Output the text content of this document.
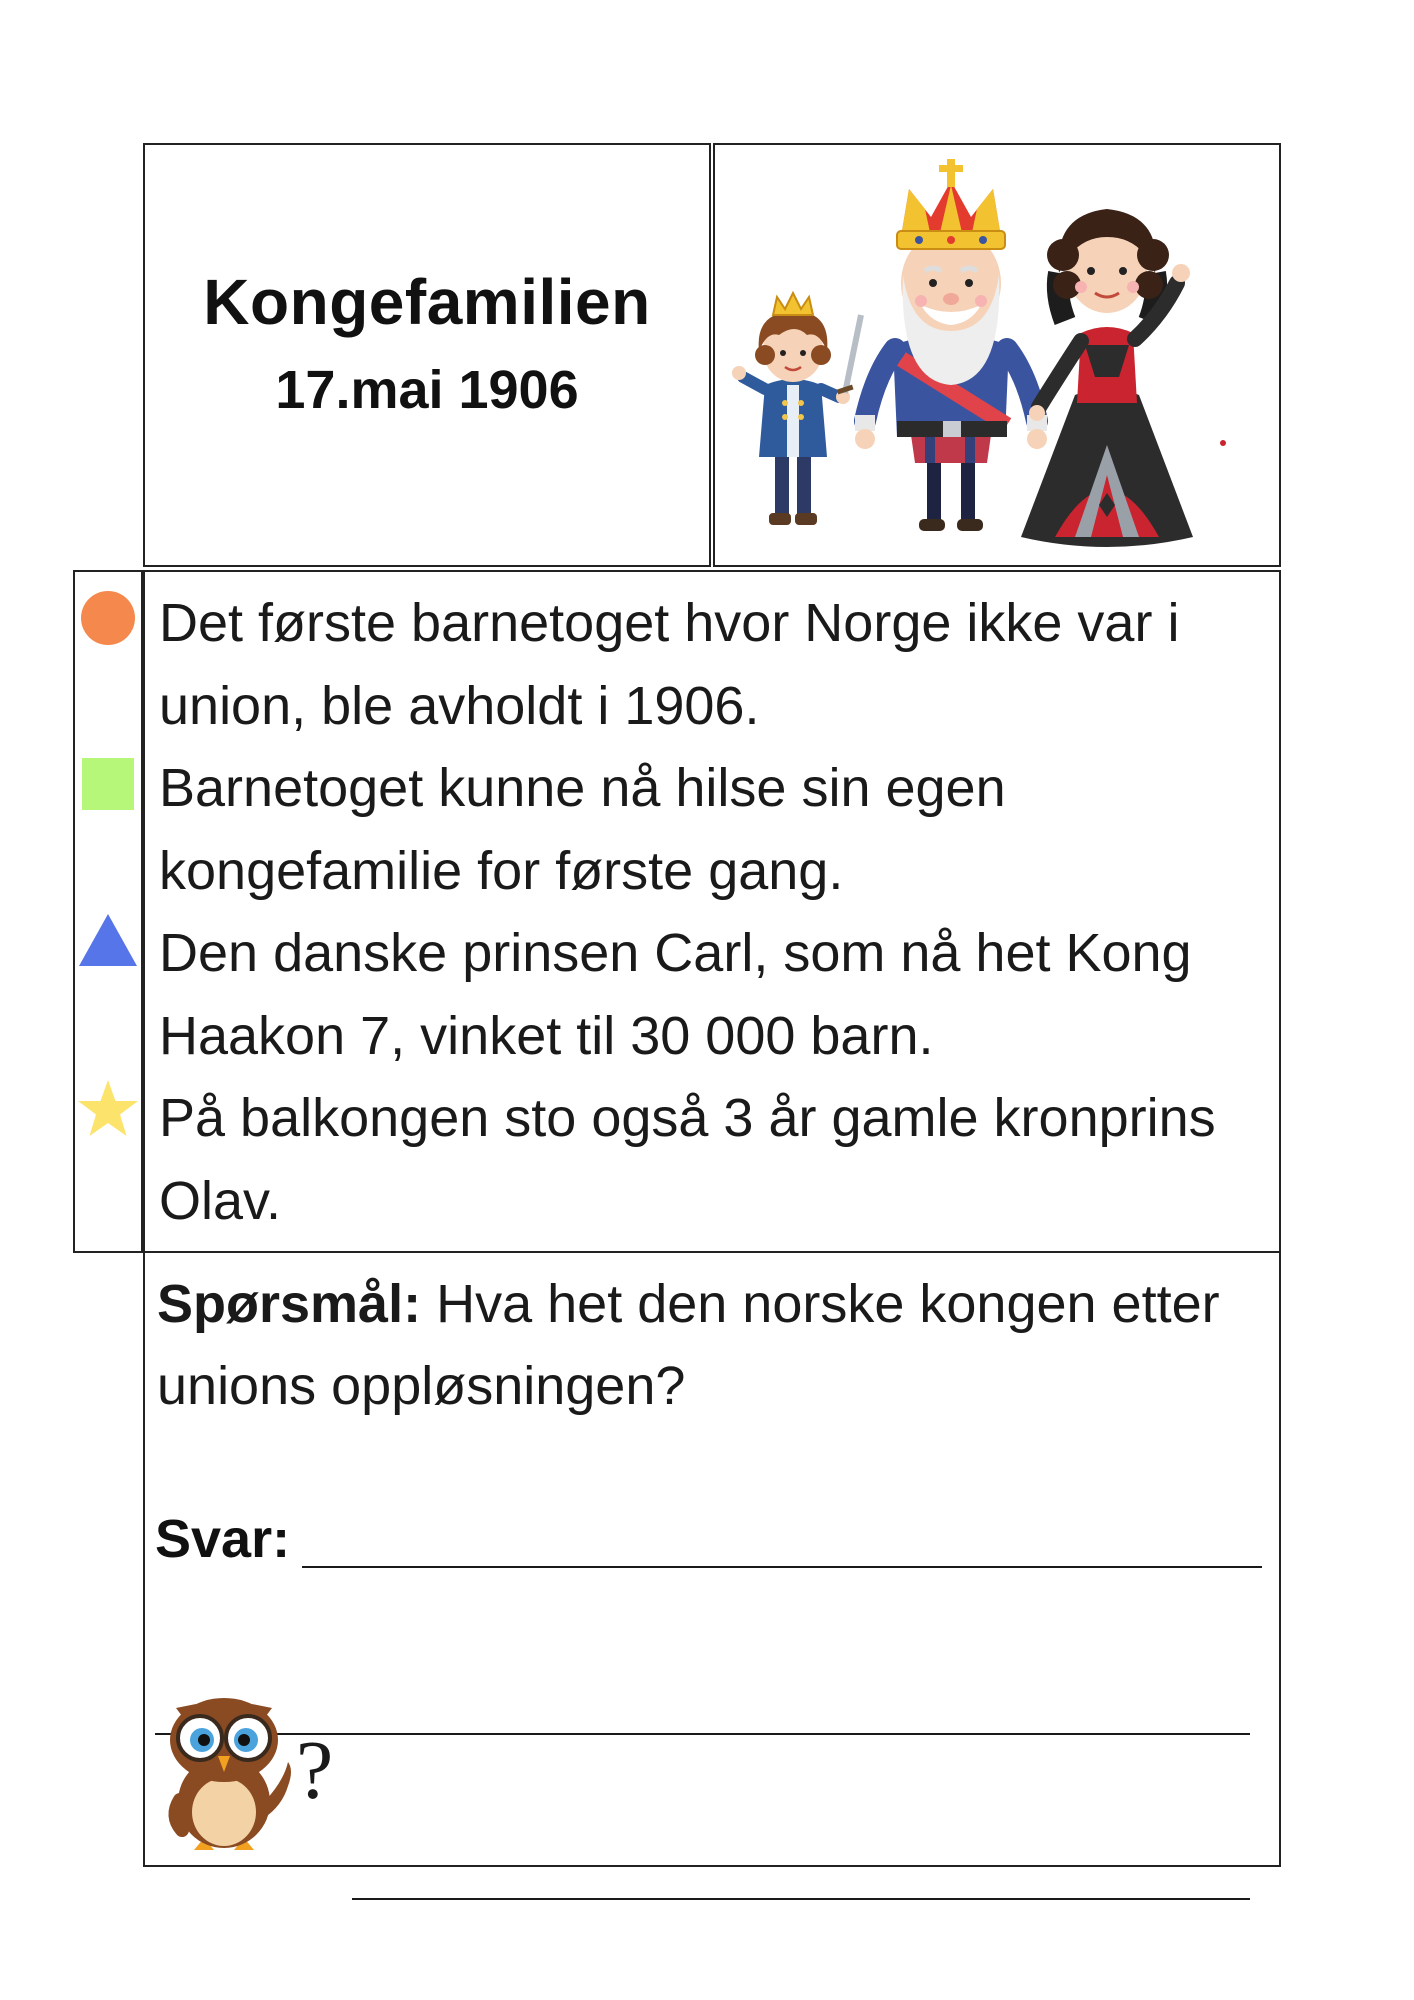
Kongefamilien
17.mai 1906

Det første barnetoget hvor Norge ikke var i union, ble avholdt i 1906.

Barnetoget kunne nå hilse sin egen kongefamilie for første gang.

Den danske prinsen Carl, som nå het Kong Haakon 7, vinket til 30 000 barn.

På balkongen sto også 3 år gamle kronprins Olav.

Spørsmål: Hva het den norske kongen etter unions oppløsningen?
Svar:
?
